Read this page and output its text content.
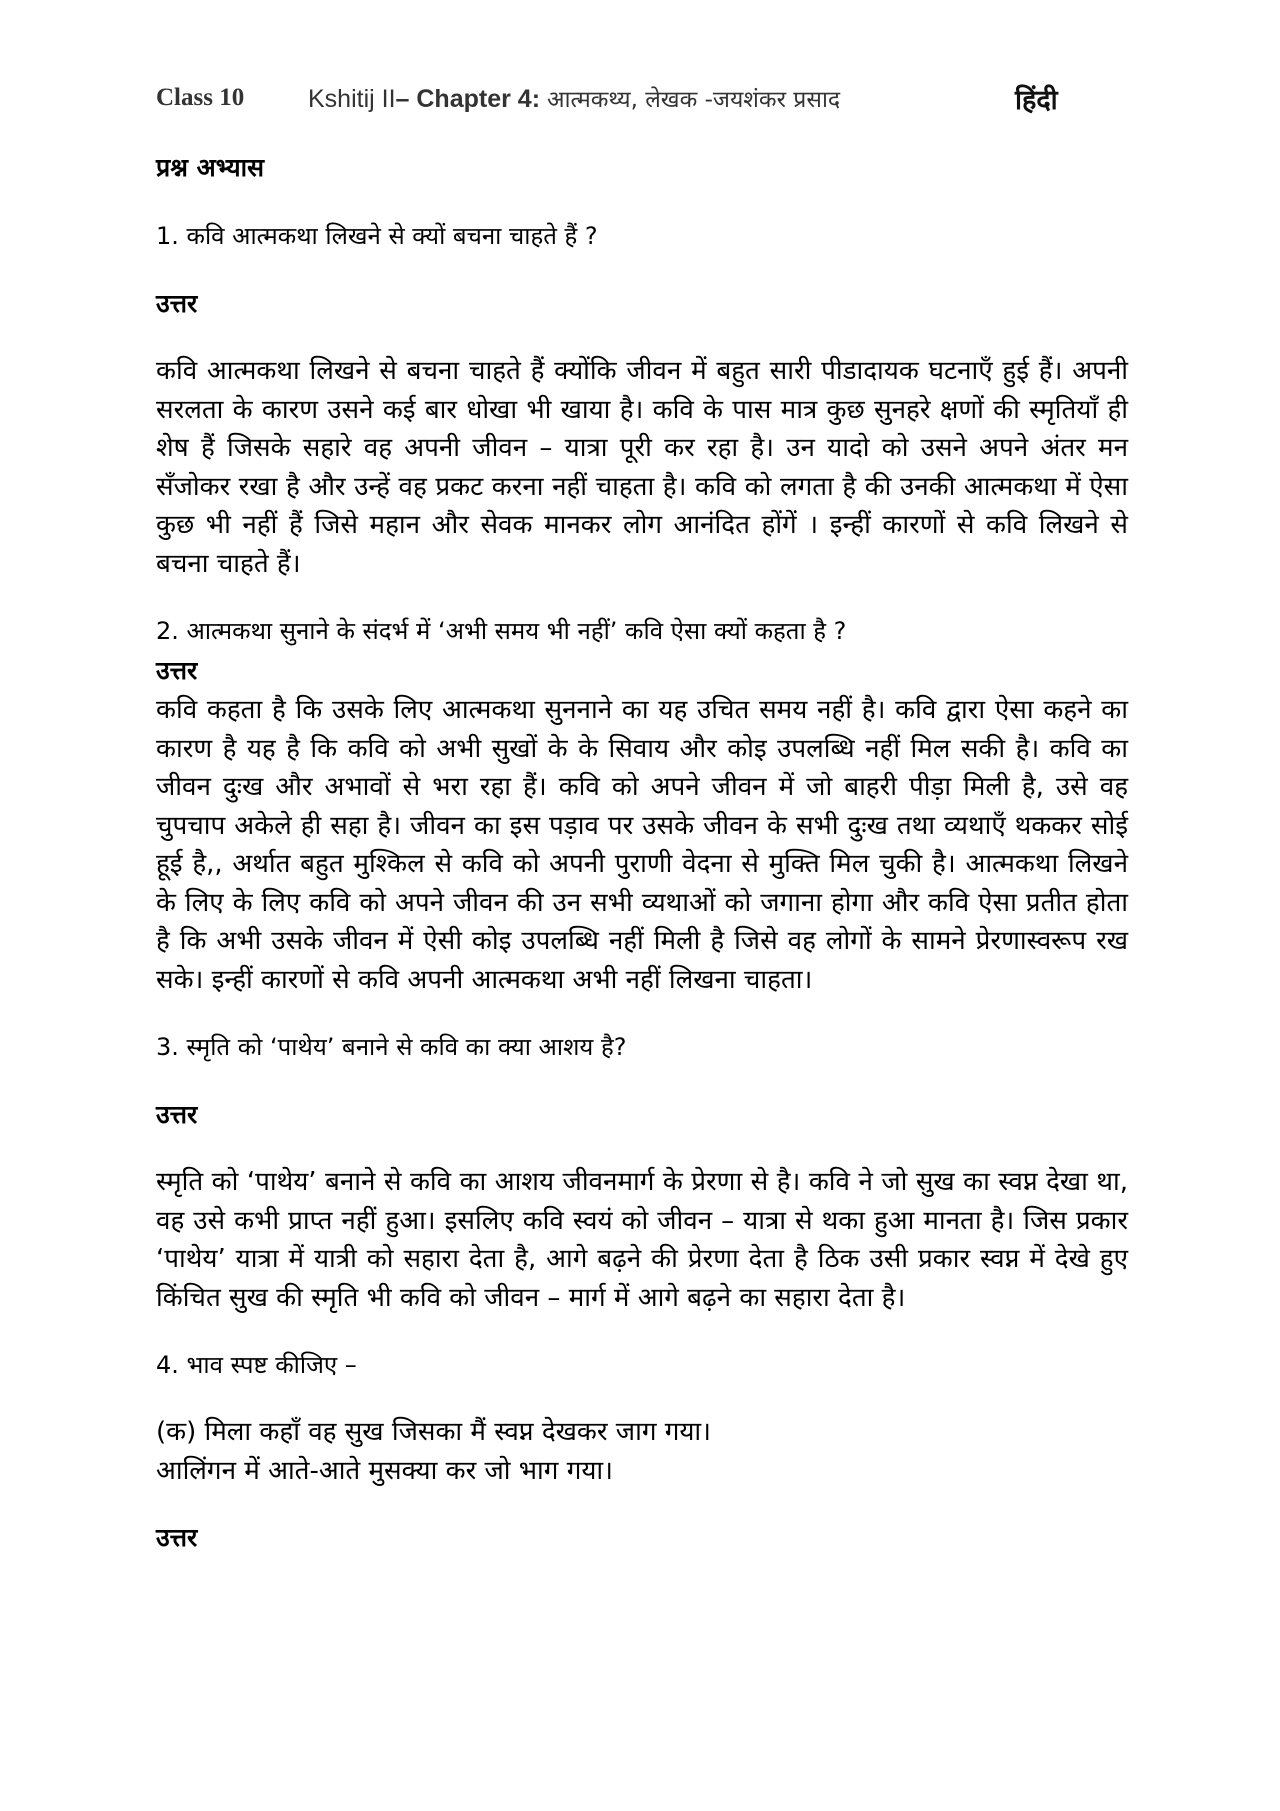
Class 10	Kshitij II– Chapter 4: आत्मकथ्य, लेखक -जयशंकर प्रसाद	हिंदी

प्रश्न अभ्यास

1. कवि आत्मकथा लिखने से क्यों बचना चाहते हैं ?

उत्तर

कवि आत्मकथा लिखने से बचना चाहते हैं क्योंकि जीवन में बहुत सारी पीडादायक घटनाएँ हुई हैं। अपनी सरलता के कारण उसने कई बार धोखा भी खाया है। कवि के पास मात्र कुछ सुनहरे क्षणों की स्मृतियाँ ही शेष हैं जिसके सहारे वह अपनी जीवन – यात्रा पूरी कर रहा है। उन यादो को उसने अपने अंतर मन सँजोकर रखा है और उन्हें वह प्रकट करना नहीं चाहता है। कवि को लगता है की उनकी आत्मकथा में ऐसा कुछ भी नहीं हैं जिसे महान और सेवक मानकर लोग आनंदित होंगें । इन्हीं कारणों से कवि लिखने से बचना चाहते हैं।

2. आत्मकथा सुनाने के संदर्भ में ‘अभी समय भी नहीं’ कवि ऐसा क्यों कहता है ?

उत्तर

कवि कहता है कि उसके लिए आत्मकथा सुननाने का यह उचित समय नहीं है। कवि द्वारा ऐसा कहने का कारण है यह है कि कवि को अभी सुखों के के सिवाय और कोइ उपलब्धि नहीं मिल सकी है। कवि का जीवन दुःख और अभावों से भरा रहा हैं। कवि को अपने जीवन में जो बाहरी पीड़ा मिली है, उसे वह चुपचाप अकेले ही सहा है। जीवन का इस पड़ाव पर उसके जीवन के सभी दुःख तथा व्यथाएँ थककर सोई हूई है,, अर्थात बहुत मुश्किल से कवि को अपनी पुराणी वेदना से मुक्ति मिल चुकी है। आत्मकथा लिखने के लिए के लिए कवि को अपने जीवन की उन सभी व्यथाओं को जगाना होगा और कवि ऐसा प्रतीत होता है कि अभी उसके जीवन में ऐसी कोइ उपलब्धि नहीं मिली है जिसे वह लोगों के सामने प्रेरणास्वरूप रख सके। इन्हीं कारणों से कवि अपनी आत्मकथा अभी नहीं लिखना चाहता।

3. स्मृति को ‘पाथेय’ बनाने से कवि का क्या आशय है?

उत्तर

स्मृति को ‘पाथेय’ बनाने से कवि का आशय जीवनमार्ग के प्रेरणा से है। कवि ने जो सुख का स्वप्न देखा था, वह उसे कभी प्राप्त नहीं हुआ। इसलिए कवि स्वयं को जीवन – यात्रा से थका हुआ मानता है। जिस प्रकार ‘पाथेय’ यात्रा में यात्री को सहारा देता है, आगे बढ़ने की प्रेरणा देता है ठिक उसी प्रकार स्वप्न में देखे हुए किंचित सुख की स्मृति भी कवि को जीवन – मार्ग में आगे बढ़ने का सहारा देता है।

4. भाव स्पष्ट कीजिए –

(क) मिला कहाँ वह सुख जिसका मैं स्वप्न देखकर जाग गया।

आलिंगन में आते-आते मुसक्या कर जो भाग गया।

उत्तर
